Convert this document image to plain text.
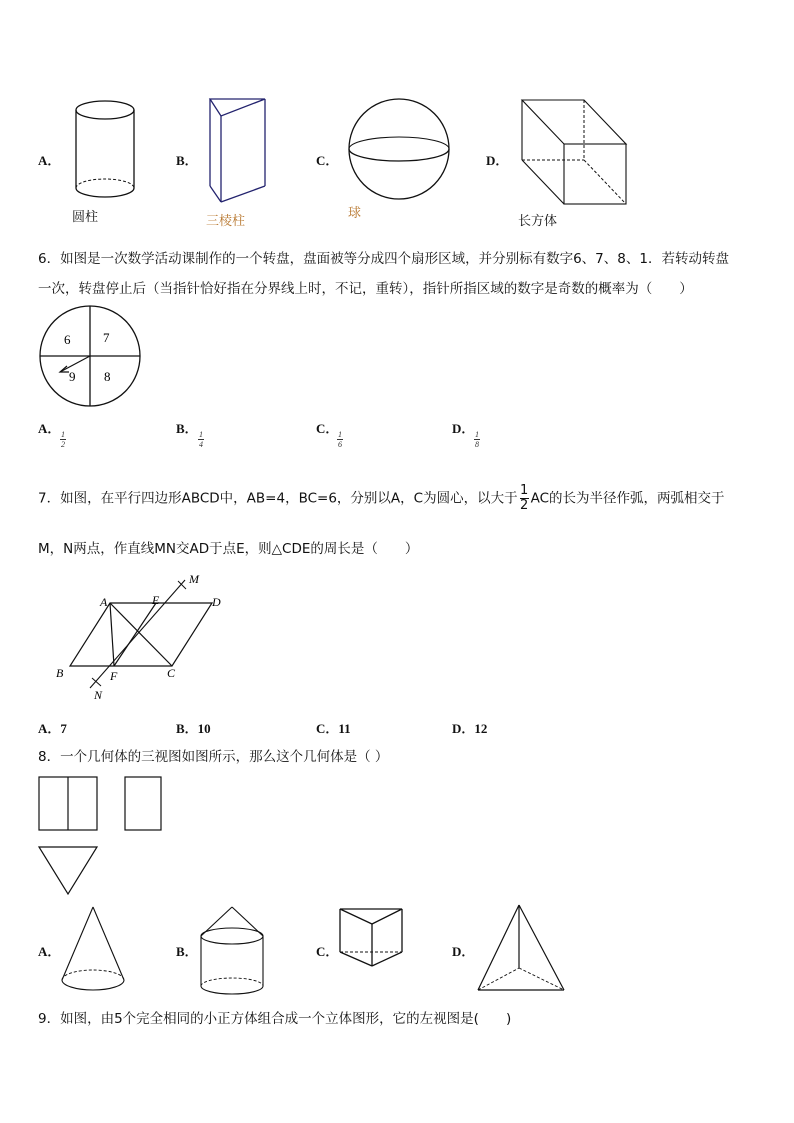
A．
圆柱
B．
三棱柱
C．
球
D．
长方体
6．如图是一次数学活动课制作的一个转盘，盘面被等分成四个扇形区域，并分别标有数字6、7、8、1．若转动转盘
一次，转盘停止后（当指针恰好指在分界线上时，不记，重转），指针所指区域的数字是奇数的概率为（　　）
6	7
9 8
A． 1
2
B． 1
4
C． 1
6
D． 1
8
7．如图，在平行四边形ABCD中，AB=4，BC=6，分别以A，C为圆心，以大于 $\frac{1}{2}$ AC的长为半径作弧，两弧相交于
M，N两点，作直线MN交AD于点E，则△CDE的周长是（　　）
A	E	D
M
B	F	C
N
A．7	B．10	C．11	D．12
8．一个几何体的三视图如图所示，那么这个几何体是（ ）
A．	B．	C．	D．
9．如图，由5个完全相同的小正方体组合成一个立体图形，它的左视图是(　　)
